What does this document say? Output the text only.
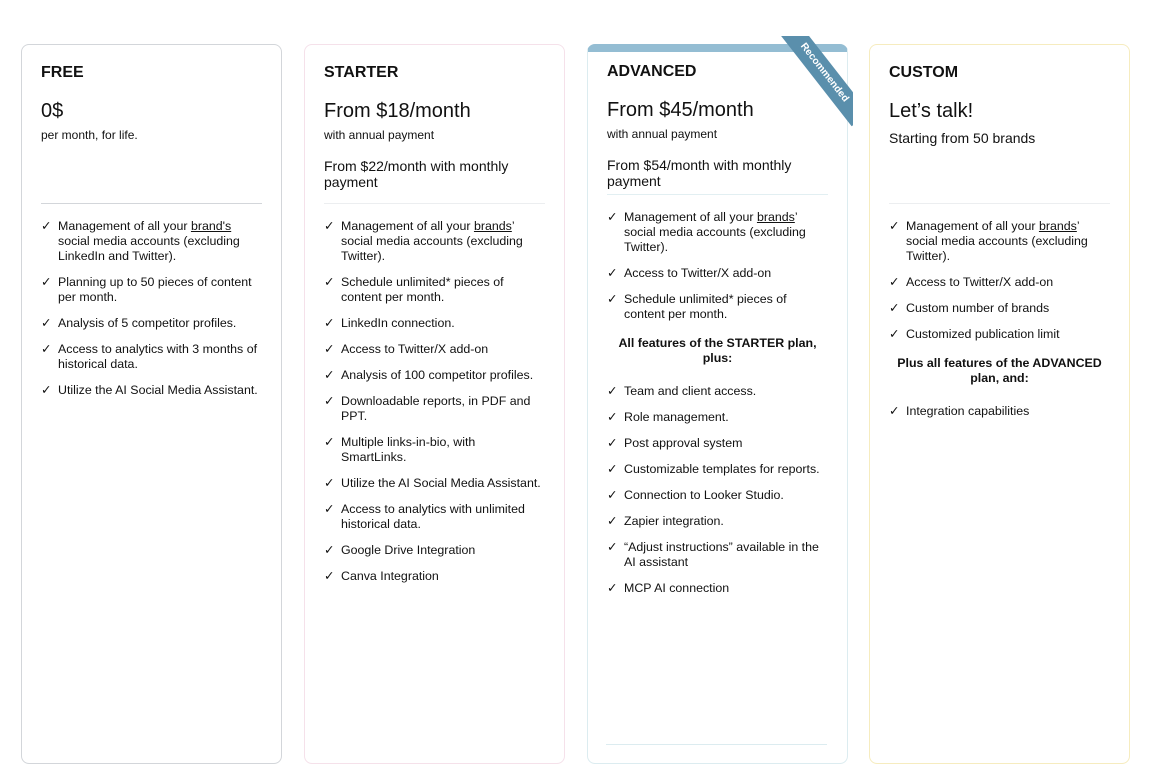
FREE
0$
per month, for life.
✓ Management of all your brand's social media accounts (excluding LinkedIn and Twitter).
✓ Planning up to 50 pieces of content per month.
✓ Analysis of 5 competitor profiles.
✓ Access to analytics with 3 months of historical data.
✓ Utilize the AI Social Media Assistant.
STARTER
From $18/month
with annual payment
From $22/month with monthly payment
✓ Management of all your brands’ social media accounts (excluding Twitter).
✓ Schedule unlimited* pieces of content per month.
✓ LinkedIn connection.
✓ Access to Twitter/X add-on
✓ Analysis of 100 competitor profiles.
✓ Downloadable reports, in PDF and PPT.
✓ Multiple links-in-bio, with SmartLinks.
✓ Utilize the AI Social Media Assistant.
✓ Access to analytics with unlimited historical data.
✓ Google Drive Integration
✓ Canva Integration
ADVANCED
From $45/month
with annual payment
From $54/month with monthly payment
✓ Management of all your brands’ social media accounts (excluding Twitter).
✓ Access to Twitter/X add-on
✓ Schedule unlimited* pieces of content per month.
All features of the STARTER plan, plus:
✓ Team and client access.
✓ Role management.
✓ Post approval system
✓ Customizable templates for reports.
✓ Connection to Looker Studio.
✓ Zapier integration.
✓ “Adjust instructions” available in the AI assistant
✓ MCP AI connection
CUSTOM
Let’s talk!
Starting from 50 brands
✓ Management of all your brands’ social media accounts (excluding Twitter).
✓ Access to Twitter/X add-on
✓ Custom number of brands
✓ Customized publication limit
Plus all features of the ADVANCED plan, and:
✓ Integration capabilities
Recommended
